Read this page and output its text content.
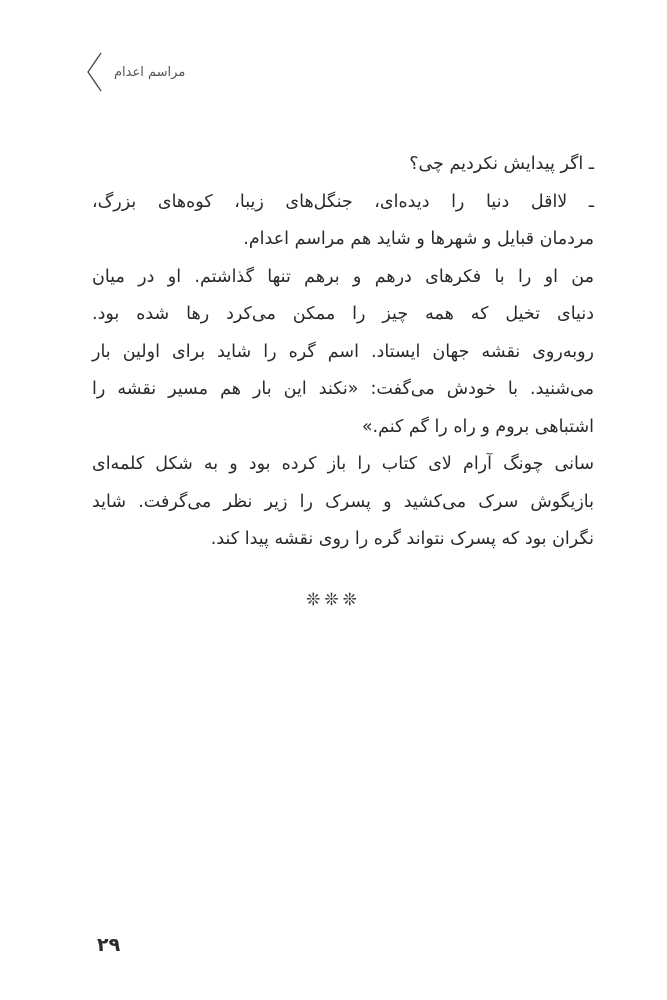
مراسم اعدام
ـ اگر پیدایش نکردیم چی؟
ـ لااقل دنیا را دیده‌ای، جنگل‌های زیبا، کوه‌های بزرگ،
مردمان قبایل و شهرها و شاید هم مراسم اعدام.
من او را با فکرهای درهم و برهم تنها گذاشتم. او در میان
دنیای تخیل که همه چیز را ممکن می‌کرد رها شده بود.
روبه‌روی نقشه جهان ایستاد. اسم گره را شاید برای اولین بار
می‌شنید. با خودش می‌گفت: «نکند این بار هم مسیر نقشه را
اشتباهی بروم و راه را گم کنم.»
سانی چونگ آرام لای کتاب را باز کرده بود و به شکل کلمه‌ای
بازیگوش سرک می‌کشید و پسرک را زیر نظر می‌گرفت. شاید
نگران بود که پسرک نتواند گره را روی نقشه پیدا کند.
❊❊❊
۲۹
